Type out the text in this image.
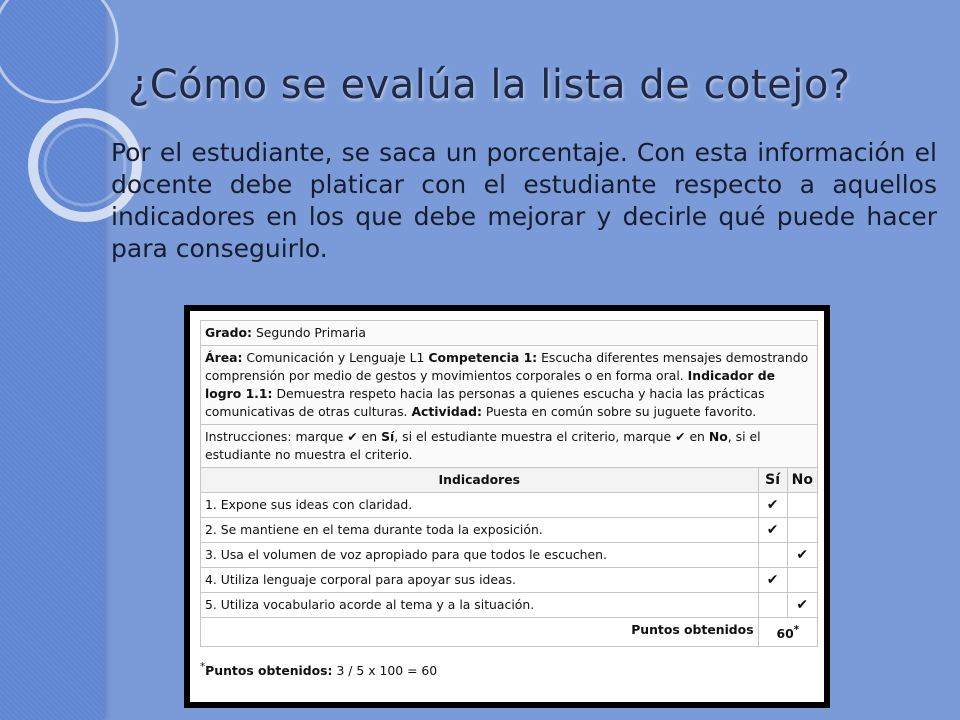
¿Cómo se evalúa la lista de cotejo?
Por el estudiante, se saca un porcentaje. Con esta información el docente debe platicar con el estudiante respecto a aquellos indicadores en los que debe mejorar y decirle qué puede hacer para conseguirlo.
Grado: Segundo Primaria		
Área: Comunicación y Lenguaje L1 Competencia 1: Escucha diferentes mensajes demostrando comprensión por medio de gestos y movimientos corporales o en forma oral. Indicador de logro 1.1: Demuestra respeto hacia las personas a quienes escucha y hacia las prácticas comunicativas de otras culturas. Actividad: Puesta en común sobre su juguete favorito.		
Instrucciones: marque ✔ en Sí, si el estudiante muestra el criterio, marque ✔ en No, si el estudiante no muestra el criterio.		
Indicadores	Sí	No
1. Expone sus ideas con claridad.	✔	
2. Se mantiene en el tema durante toda la exposición.	✔	
3. Usa el volumen de voz apropiado para que todos le escuchen.		✔
4. Utiliza lenguaje corporal para apoyar sus ideas.	✔	
5. Utiliza vocabulario acorde al tema y a la situación.		✔
Puntos obtenidos	60*
*Puntos obtenidos: 3 / 5 x 100 = 60
